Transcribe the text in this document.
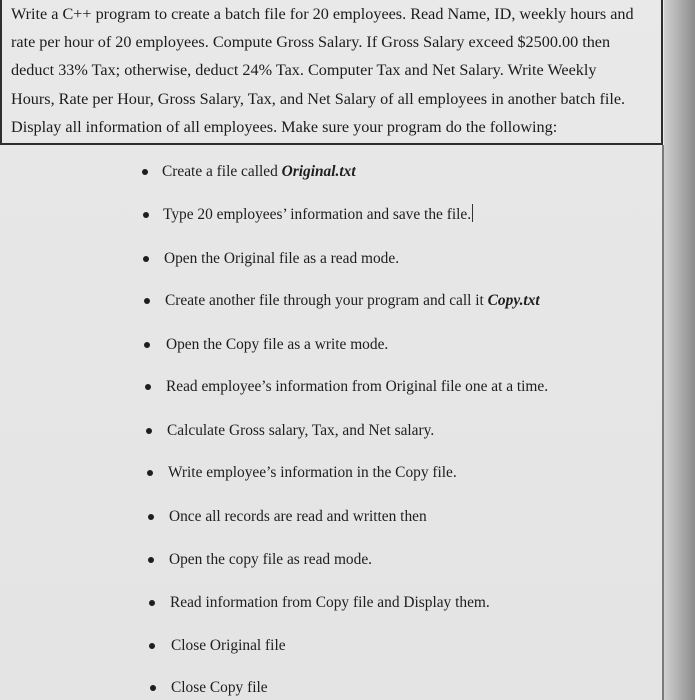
Write a C++ program to create a batch file for 20 employees. Read Name, ID, weekly hours and
rate per hour of 20 employees. Compute Gross Salary. If Gross Salary exceed $2500.00 then
deduct 33% Tax; otherwise, deduct 24% Tax. Computer Tax and Net Salary. Write Weekly
Hours, Rate per Hour, Gross Salary, Tax, and Net Salary of all employees in another batch file.
Display all information of all employees. Make sure your program do the following:
Create a file called Original.txt
Type 20 employees’ information and save the file.
Open the Original file as a read mode.
Create another file through your program and call it Copy.txt
Open the Copy file as a write mode.
Read employee’s information from Original file one at a time.
Calculate Gross salary, Tax, and Net salary.
Write employee’s information in the Copy file.
Once all records are read and written then
Open the copy file as read mode.
Read information from Copy file and Display them.
Close Original file
Close Copy file
